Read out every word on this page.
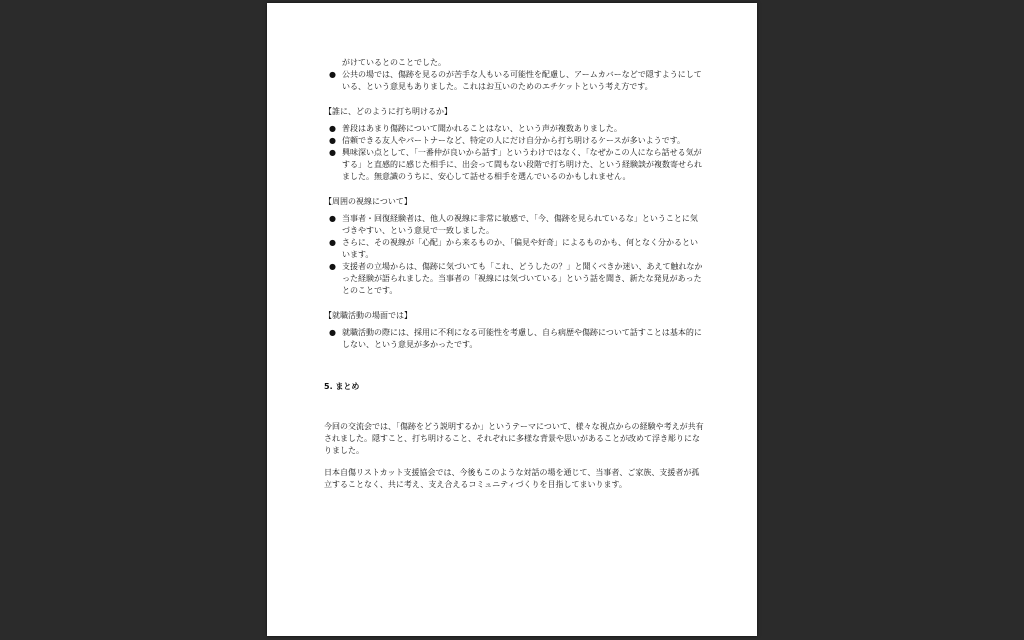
がけているとのことでした。

● 公共の場では、傷跡を見るのが苦手な人もいる可能性を配慮し、アームカバーなどで隠すようにしている、という意見もありました。これはお互いのためのエチケットという考え方です。

【誰に、どのように打ち明けるか】

● 普段はあまり傷跡について聞かれることはない、という声が複数ありました。
● 信頼できる友人やパートナーなど、特定の人にだけ自分から打ち明けるケースが多いようです。
● 興味深い点として、「一番仲が良いから話す」というわけではなく、「なぜかこの人になら話せる気がする」と直感的に感じた相手に、出会って間もない段階で打ち明けた、という経験談が複数寄せられました。無意識のうちに、安心して話せる相手を選んでいるのかもしれません。

【周囲の視線について】

● 当事者・回復経験者は、他人の視線に非常に敏感で、「今、傷跡を見られているな」ということに気づきやすい、という意見で一致しました。
● さらに、その視線が「心配」から来るものか、「偏見や好奇」によるものかも、何となく分かるといいます。
● 支援者の立場からは、傷跡に気づいても「これ、どうしたの？」と聞くべきか迷い、あえて触れなかった経験が語られました。当事者の「視線には気づいている」という話を聞き、新たな発見があったとのことです。

【就職活動の場面では】

● 就職活動の際には、採用に不利になる可能性を考慮し、自ら病歴や傷跡について話すことは基本的にしない、という意見が多かったです。

5. まとめ

今回の交流会では、「傷跡をどう説明するか」というテーマについて、様々な視点からの経験や考えが共有されました。隠すこと、打ち明けること、それぞれに多様な背景や思いがあることが改めて浮き彫りになりました。

日本自傷リストカット支援協会では、今後もこのような対話の場を通じて、当事者、ご家族、支援者が孤立することなく、共に考え、支え合えるコミュニティづくりを目指してまいります。
